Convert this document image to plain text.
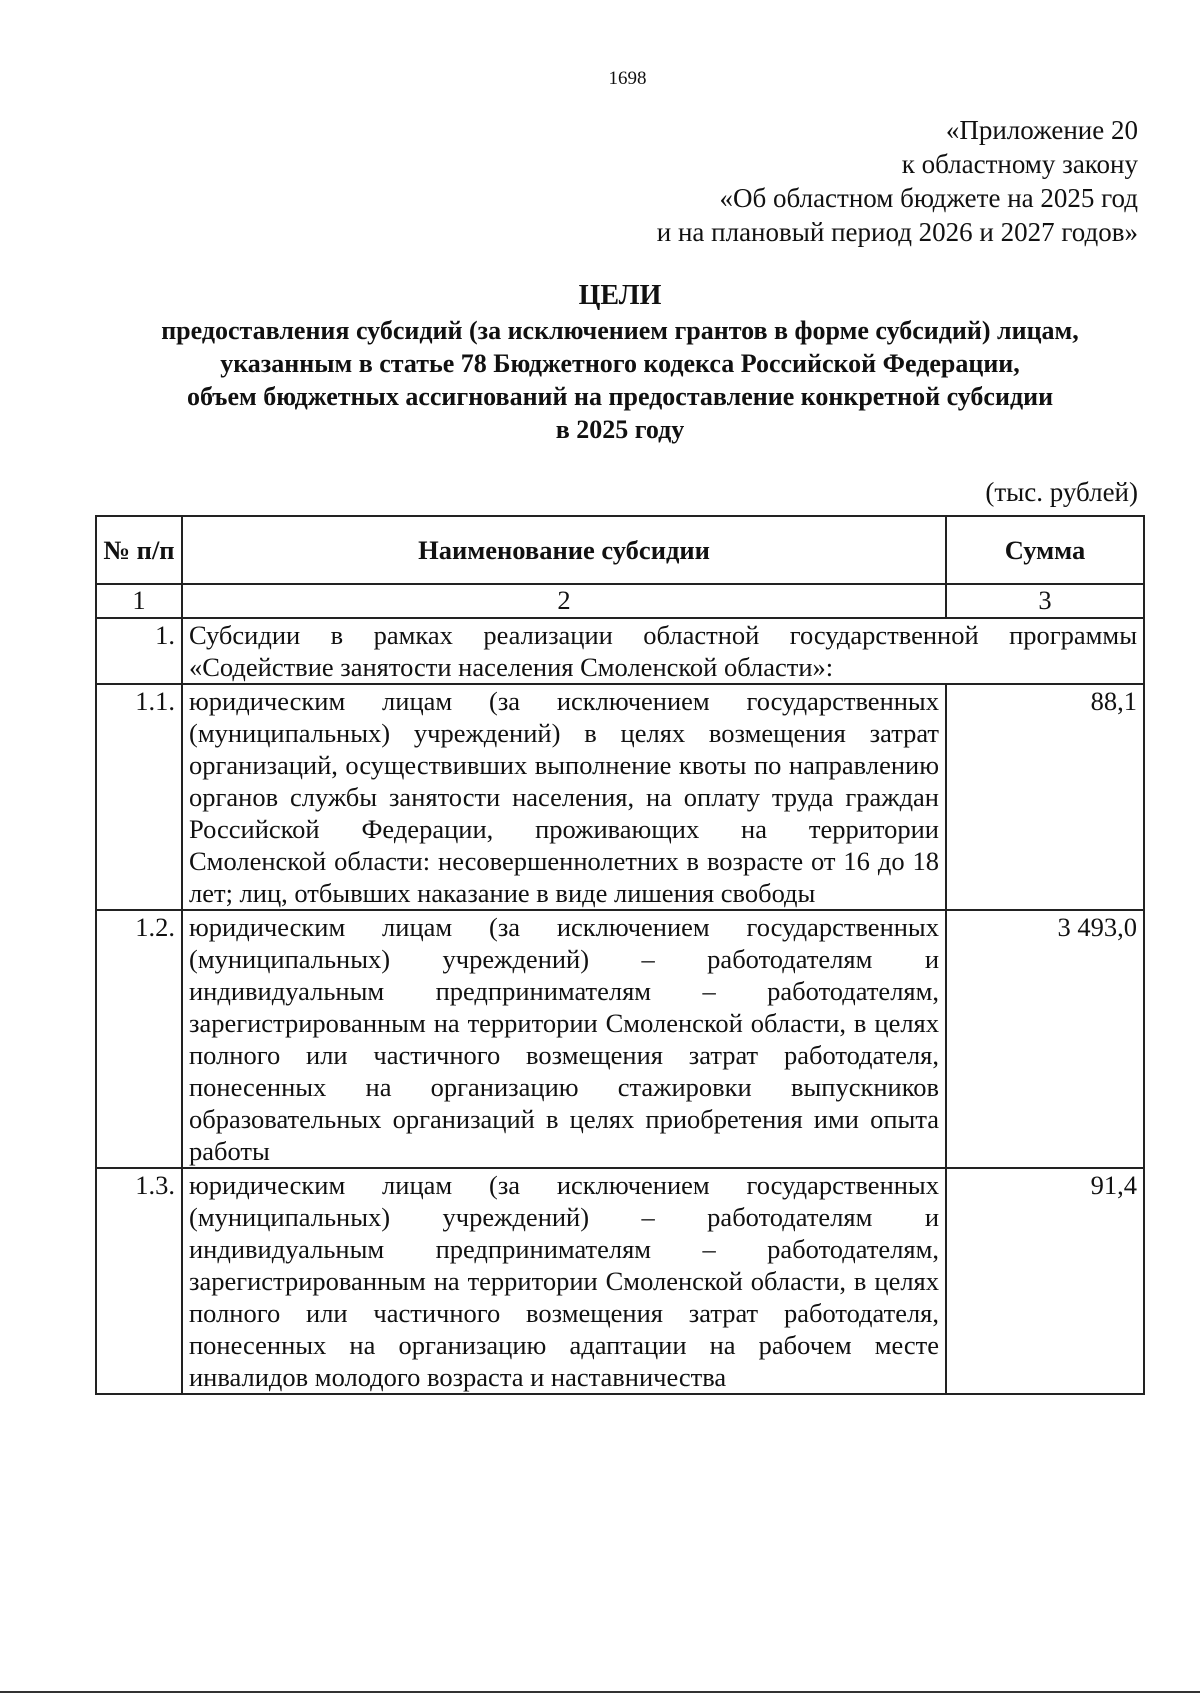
1698
«Приложение 20
к областному закону
«Об областном бюджете на 2025 год
и на плановый период 2026 и 2027 годов»
ЦЕЛИ
предоставления субсидий (за исключением грантов в форме субсидий) лицам,
указанным в статье 78 Бюджетного кодекса Российской Федерации,
объем бюджетных ассигнований на предоставление конкретной субсидии
в 2025 году
(тыс. рублей)
№ п/п	Наименование субсидии	Сумма
1	2	3
1.	Субсидии в рамках реализации областной государственной программы «Содействие занятости населения Смоленской области»:	
1.1.	юридическим лицам (за исключением государственных (муниципальных) учреждений) в целях возмещения затрат организаций, осуществивших выполнение квоты по направлению органов службы занятости населения, на оплату труда граждан Российской Федерации, проживающих на территории Смоленской области: несовершеннолетних в возрасте от 16 до 18 лет; лиц, отбывших наказание в виде лишения свободы	88,1
1.2.	юридическим лицам (за исключением государственных (муниципальных) учреждений) – работодателям и индивидуальным предпринимателям – работодателям, зарегистрированным на территории Смоленской области, в целях полного или частичного возмещения затрат работодателя, понесенных на организацию стажировки выпускников образовательных организаций в целях приобретения ими опыта работы	3 493,0
1.3.	юридическим лицам (за исключением государственных (муниципальных) учреждений) – работодателям и индивидуальным предпринимателям – работодателям, зарегистрированным на территории Смоленской области, в целях полного или частичного возмещения затрат работодателя, понесенных на организацию адаптации на рабочем месте инвалидов молодого возраста и наставничества	91,4
